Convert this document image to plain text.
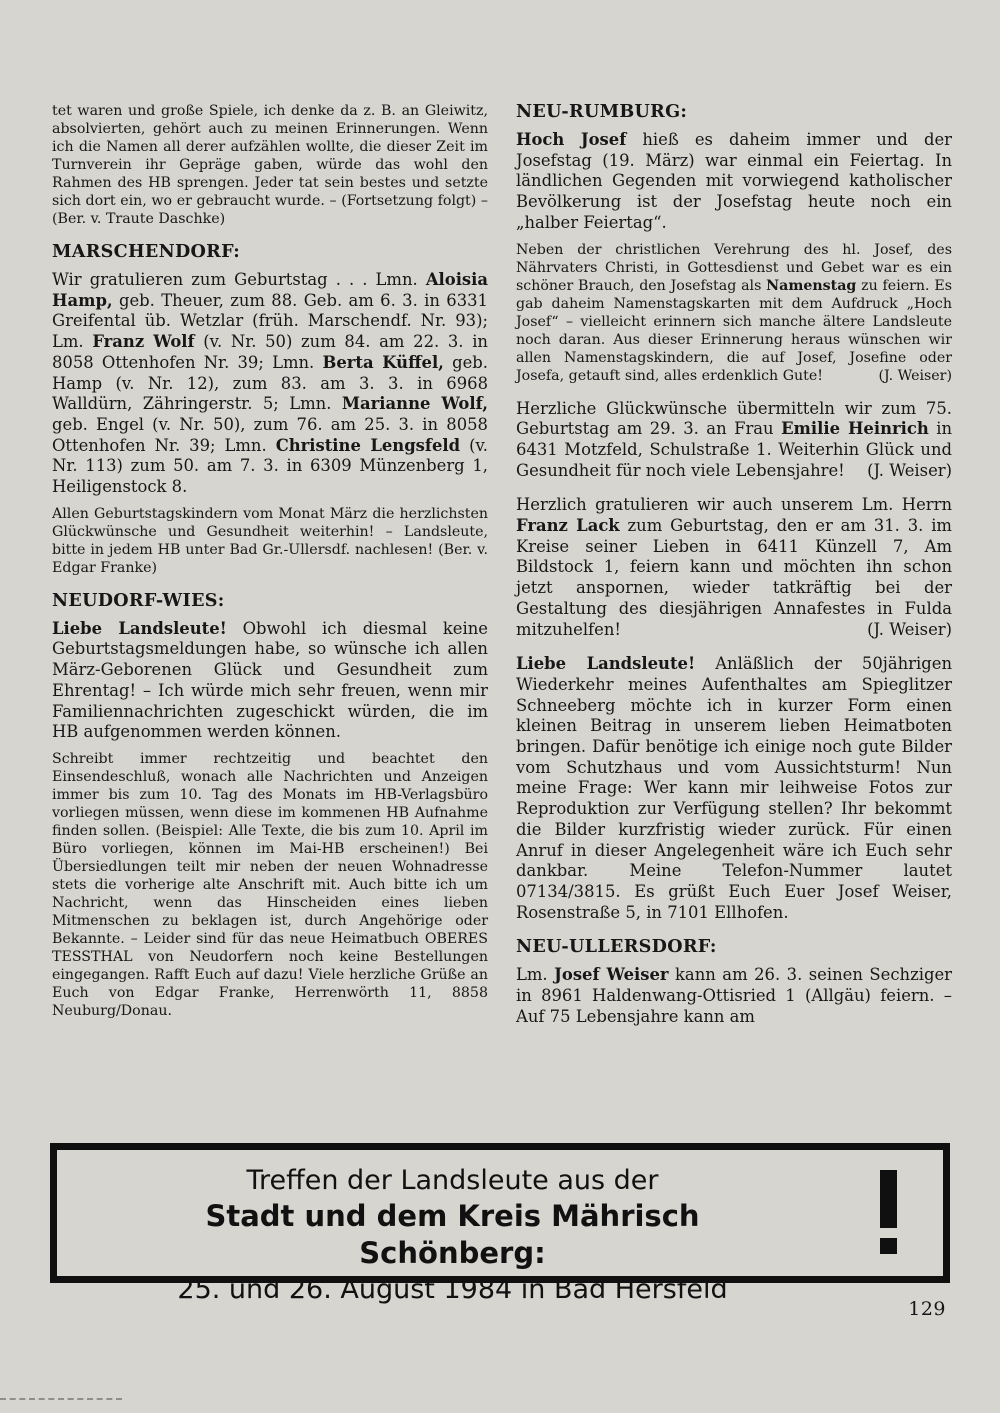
tet waren und große Spiele, ich denke da z. B. an Gleiwitz, absolvierten, gehört auch zu meinen Erinnerungen. Wenn ich die Namen all derer aufzählen wollte, die dieser Zeit im Turnverein ihr Gepräge gaben, würde das wohl den Rahmen des HB sprengen. Jeder tat sein bestes und setzte sich dort ein, wo er gebraucht wurde. – (Fortsetzung folgt) – (Ber. v. Traute Daschke)

MARSCHENDORF:

Wir gratulieren zum Geburtstag . . . Lmn. Aloisia Hamp, geb. Theuer, zum 88. Geb. am 6. 3. in 6331 Greifental üb. Wetzlar (früh. Marschendf. Nr. 93); Lm. Franz Wolf (v. Nr. 50) zum 84. am 22. 3. in 8058 Ottenhofen Nr. 39; Lmn. Berta Küffel, geb. Hamp (v. Nr. 12), zum 83. am 3. 3. in 6968 Walldürn, Zähringerstr. 5; Lmn. Marianne Wolf, geb. Engel (v. Nr. 50), zum 76. am 25. 3. in 8058 Ottenhofen Nr. 39; Lmn. Christine Lengsfeld (v. Nr. 113) zum 50. am 7. 3. in 6309 Münzenberg 1, Heiligenstock 8.

Allen Geburtstagskindern vom Monat März die herzlichsten Glückwünsche und Gesundheit weiterhin! – Landsleute, bitte in jedem HB unter Bad Gr.-Ullersdf. nachlesen! (Ber. v. Edgar Franke)

NEUDORF-WIES:

Liebe Landsleute! Obwohl ich diesmal keine Geburtstagsmeldungen habe, so wünsche ich allen März-Geborenen Glück und Gesundheit zum Ehrentag! – Ich würde mich sehr freuen, wenn mir Familiennachrichten zugeschickt würden, die im HB aufgenommen werden können.

Schreibt immer rechtzeitig und beachtet den Einsendeschluß, wonach alle Nachrichten und Anzeigen immer bis zum 10. Tag des Monats im HB-Verlagsbüro vorliegen müssen, wenn diese im kommenen HB Aufnahme finden sollen. (Beispiel: Alle Texte, die bis zum 10. April im Büro vorliegen, können im Mai-HB erscheinen!) Bei Übersiedlungen teilt mir neben der neuen Wohnadresse stets die vorherige alte Anschrift mit. Auch bitte ich um Nachricht, wenn das Hinscheiden eines lieben Mitmenschen zu beklagen ist, durch Angehörige oder Bekannte. – Leider sind für das neue Heimatbuch OBERES TESSTHAL von Neudorfern noch keine Bestellungen eingegangen. Rafft Euch auf dazu! Viele herzliche Grüße an Euch von Edgar Franke, Herrenwörth 11, 8858 Neuburg/Donau.

NEU-RUMBURG:

Hoch Josef hieß es daheim immer und der Josefstag (19. März) war einmal ein Feiertag. In ländlichen Gegenden mit vorwiegend katholischer Bevölkerung ist der Josefstag heute noch ein „halber Feiertag“.

Neben der christlichen Verehrung des hl. Josef, des Nährvaters Christi, in Gottesdienst und Gebet war es ein schöner Brauch, den Josefstag als Namenstag zu feiern. Es gab daheim Namenstagskarten mit dem Aufdruck „Hoch Josef“ – vielleicht erinnern sich manche ältere Landsleute noch daran. Aus dieser Erinnerung heraus wünschen wir allen Namenstagskindern, die auf Josef, Josefine oder Josefa, getauft sind, alles erdenklich Gute!	(J. Weiser)

Herzliche Glückwünsche übermitteln wir zum 75. Geburtstag am 29. 3. an Frau Emilie Heinrich in 6431 Motzfeld, Schulstraße 1. Weiterhin Glück und Gesundheit für noch viele Lebensjahre! (J. Weiser)

Herzlich gratulieren wir auch unserem Lm. Herrn Franz Lack zum Geburtstag, den er am 31. 3. im Kreise seiner Lieben in 6411 Künzell 7, Am Bildstock 1, feiern kann und möchten ihn schon jetzt anspornen, wieder tatkräftig bei der Gestaltung des diesjährigen Annafestes in Fulda mitzuhelfen!	(J. Weiser)

Liebe Landsleute! Anläßlich der 50jährigen Wiederkehr meines Aufenthaltes am Spieglitzer Schneeberg möchte ich in kurzer Form einen kleinen Beitrag in unserem lieben Heimatboten bringen. Dafür benötige ich einige noch gute Bilder vom Schutzhaus und vom Aussichtsturm! Nun meine Frage: Wer kann mir leihweise Fotos zur Reproduktion zur Verfügung stellen? Ihr bekommt die Bilder kurzfristig wieder zurück. Für einen Anruf in dieser Angelegenheit wäre ich Euch sehr dankbar. Meine Telefon-Nummer lautet 07134/3815. Es grüßt Euch Euer Josef Weiser, Rosenstraße 5, in 7101 Ellhofen.

NEU-ULLERSDORF:

Lm. Josef Weiser kann am 26. 3. seinen Sechziger in 8961 Haldenwang-Ottisried 1 (Allgäu) feiern. – Auf 75 Lebensjahre kann am

Treffen der Landsleute aus der
Stadt und dem Kreis Mährisch Schönberg:
25. und 26. August 1984 in Bad Hersfeld
129
